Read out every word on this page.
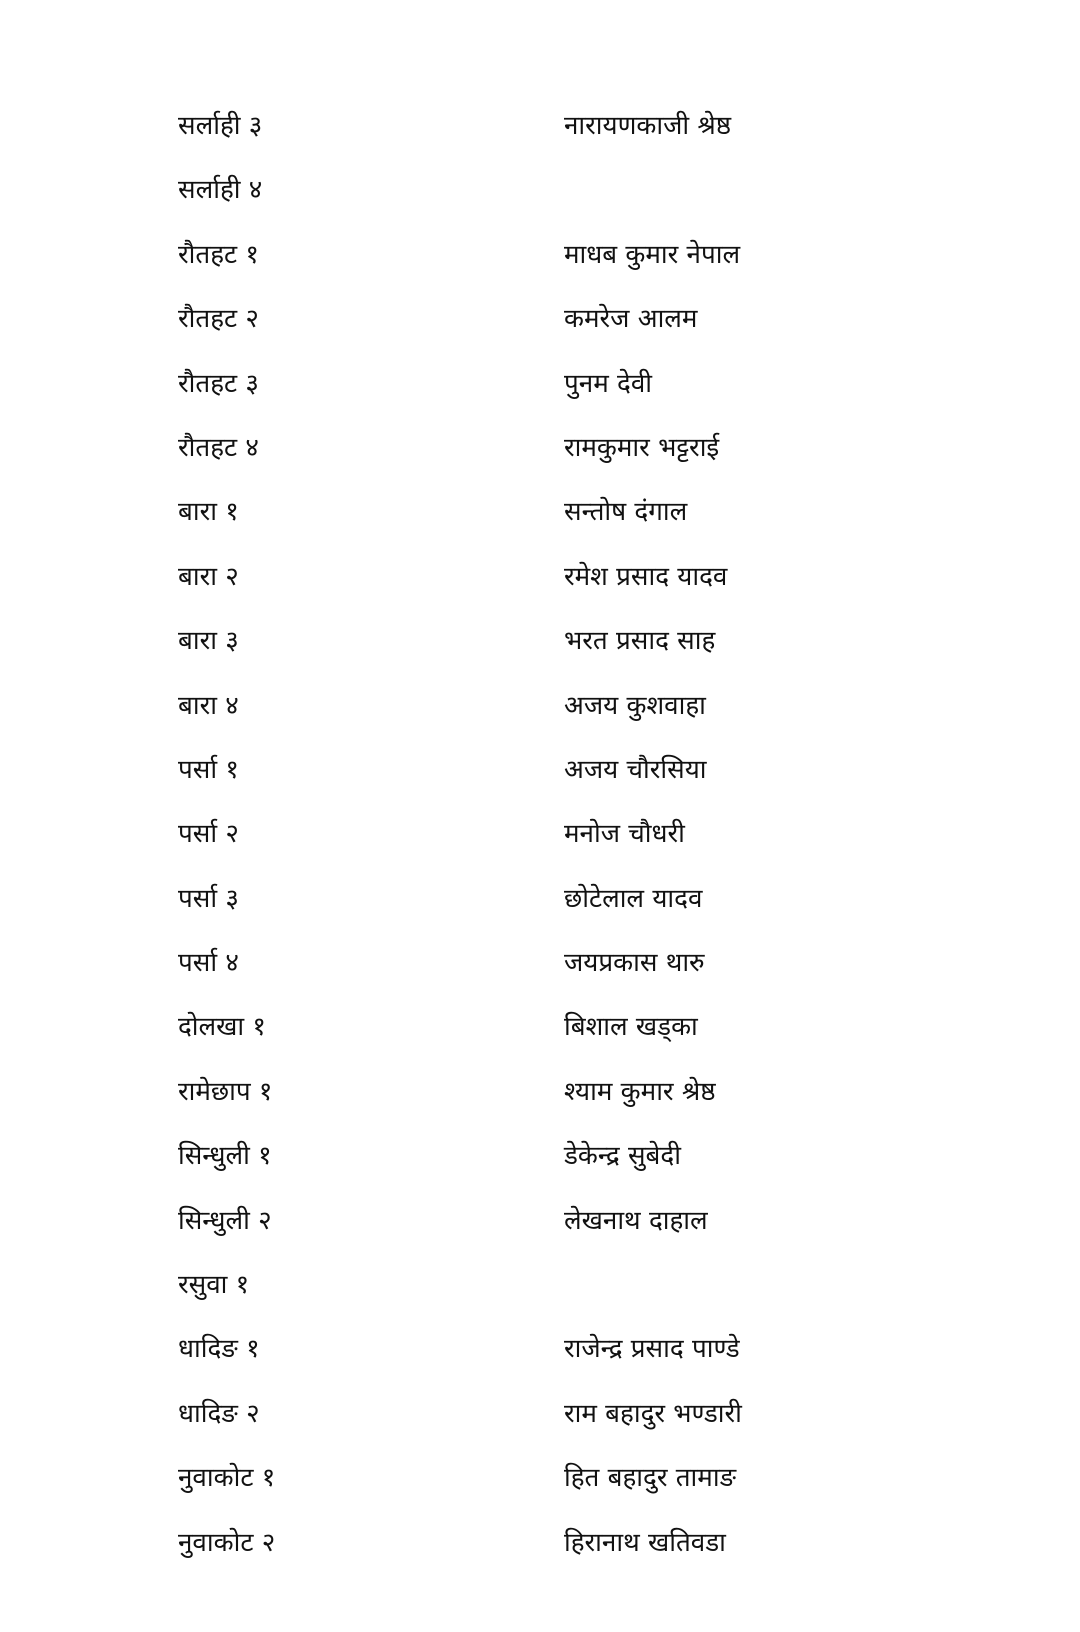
सर्लाही ३	नारायणकाजी श्रेष्ठ
सर्लाही ४
रौतहट १	माधब कुमार नेपाल
रौतहट २	कमरेज आलम
रौतहट ३	पुनम देवी
रौतहट ४	रामकुमार भट्टराई
बारा १	सन्तोष दंगाल
बारा २	रमेश प्रसाद यादव
बारा ३	भरत प्रसाद साह
बारा ४	अजय कुशवाहा
पर्सा १	अजय चौरसिया
पर्सा २	मनोज चौधरी
पर्सा ३	छोटेलाल यादव
पर्सा ४	जयप्रकास थारु
दोलखा १	बिशाल खड्का
रामेछाप १	श्याम कुमार श्रेष्ठ
सिन्धुली १	डेकेन्द्र सुबेदी
सिन्धुली २	लेखनाथ दाहाल
रसुवा १
धादिङ १	राजेन्द्र प्रसाद पाण्डे
धादिङ २	राम बहादुर भण्डारी
नुवाकोट १	हित बहादुर तामाङ
नुवाकोट २	हिरानाथ खतिवडा
